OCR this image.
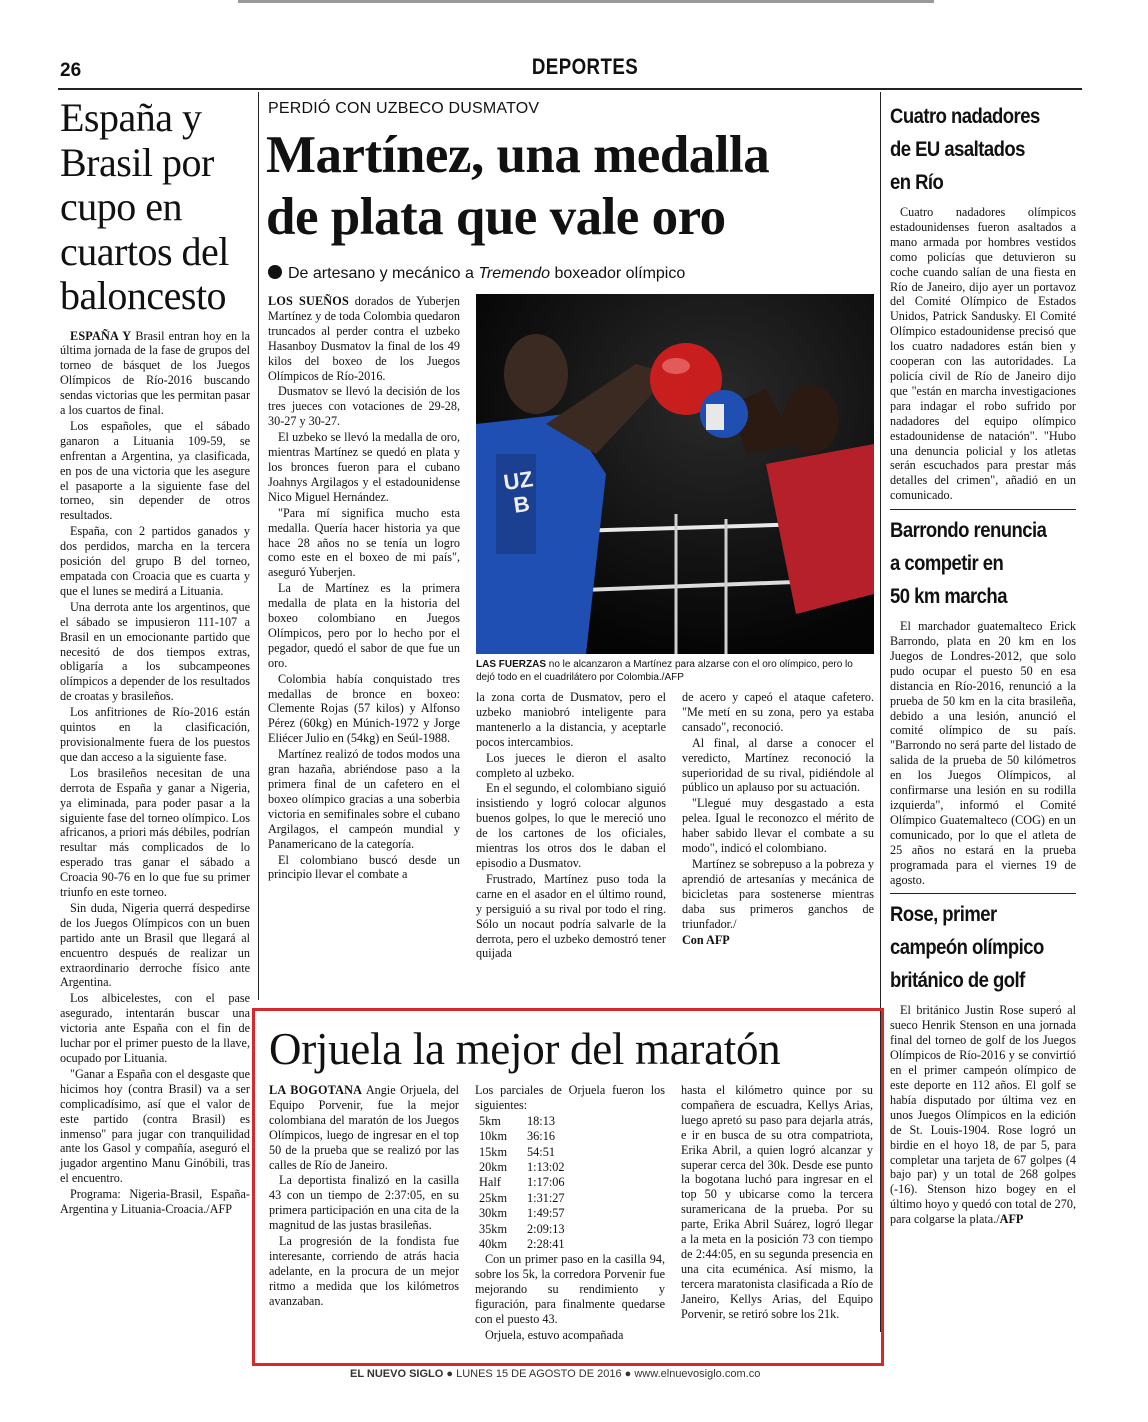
26	DEPORTES
España y Brasil por cupo en cuartos del baloncesto

ESPAÑA Y Brasil entran hoy en la última jornada de la fase de grupos del torneo de básquet de los Juegos Olímpicos de Río-2016 buscando sendas victorias que les permitan pasar a los cuartos de final.

Los españoles, que el sábado ganaron a Lituania 109-59, se enfrentan a Argentina, ya clasificada, en pos de una victoria que les asegure el pasaporte a la siguiente fase del torneo, sin depender de otros resultados.

España, con 2 partidos ganados y dos perdidos, marcha en la tercera posición del grupo B del torneo, empatada con Croacia que es cuarta y que el lunes se medirá a Lituania.

Una derrota ante los argentinos, que el sábado se impusieron 111-107 a Brasil en un emocionante partido que necesitó de dos tiempos extras, obligaría a los subcampeones olímpicos a depender de los resultados de croatas y brasileños.

Los anfitriones de Río-2016 están quintos en la clasificación, provisionalmente fuera de los puestos que dan acceso a la siguiente fase.

Los brasileños necesitan de una derrota de España y ganar a Nigeria, ya eliminada, para poder pasar a la siguiente fase del torneo olímpico. Los africanos, a priori más débiles, podrían resultar más complicados de lo esperado tras ganar el sábado a Croacia 90-76 en lo que fue su primer triunfo en este torneo.

Sin duda, Nigeria querrá despedirse de los Juegos Olímpicos con un buen partido ante un Brasil que llegará al encuentro después de realizar un extraordinario derroche físico ante Argentina.

Los albicelestes, con el pase asegurado, intentarán buscar una victoria ante España con el fin de luchar por el primer puesto de la llave, ocupado por Lituania.

"Ganar a España con el desgaste que hicimos hoy (contra Brasil) va a ser complicadísimo, así que el valor de este partido (contra Brasil) es inmenso" para jugar con tranquilidad ante los Gasol y compañía, aseguró el jugador argentino Manu Ginóbili, tras el encuentro.

Programa: Nigeria-Brasil, España-Argentina y Lituania-Croacia./AFP

PERDIÓ CON UZBECO DUSMATOV
Martínez, una medalla
de plata que vale oro
De artesano y mecánico a Tremendo boxeador olímpico

LOS SUEÑOS dorados de Yuberjen Martínez y de toda Colombia quedaron truncados al perder contra el uzbeko Hasanboy Dusmatov la final de los 49 kilos del boxeo de los Juegos Olímpicos de Río-2016.

Dusmatov se llevó la decisión de los tres jueces con votaciones de 29-28, 30-27 y 30-27.

El uzbeko se llevó la medalla de oro, mientras Martínez se quedó en plata y los bronces fueron para el cubano Joahnys Argilagos y el estadounidense Nico Miguel Hernández.

"Para mí significa mucho esta medalla. Quería hacer historia ya que hace 28 años no se tenía un logro como este en el boxeo de mi país", aseguró Yuberjen.

La de Martínez es la primera medalla de plata en la historia del boxeo colombiano en Juegos Olímpicos, pero por lo hecho por el pegador, quedó el sabor de que fue un oro.

Colombia había conquistado tres medallas de bronce en boxeo: Clemente Rojas (57 kilos) y Alfonso Pérez (60kg) en Múnich-1972 y Jorge Eliécer Julio en (54kg) en Seúl-1988.

Martínez realizó de todos modos una gran hazaña, abriéndose paso a la primera final de un cafetero en el boxeo olímpico gracias a una soberbia victoria en semifinales sobre el cubano Argilagos, el campeón mundial y Panamericano de la categoría.

El colombiano buscó desde un principio llevar el combate a

UZB
LAS FUERZAS no le alcanzaron a Martínez para alzarse con el oro olímpico, pero lo dejó todo en el cuadrilátero por Colombia./AFP

la zona corta de Dusmatov, pero el uzbeko maniobró inteligente para mantenerlo a la distancia, y aceptarle pocos intercambios.

Los jueces le dieron el asalto completo al uzbeko.

En el segundo, el colombiano siguió insistiendo y logró colocar algunos buenos golpes, lo que le mereció uno de los cartones de los oficiales, mientras los otros dos le daban el episodio a Dusmatov.

Frustrado, Martínez puso toda la carne en el asador en el último round, y persiguió a su rival por todo el ring. Sólo un nocaut podría salvarle de la derrota, pero el uzbeko demostró tener quijada

de acero y capeó el ataque cafetero. "Me metí en su zona, pero ya estaba cansado", reconoció.

Al final, al darse a conocer el veredicto, Martínez reconoció la superioridad de su rival, pidiéndole al público un aplauso por su actuación.

"Llegué muy desgastado a esta pelea. Igual le reconozco el mérito de haber sabido llevar el combate a su modo", indicó el colombiano.

Martínez se sobrepuso a la pobreza y aprendió de artesanías y mecánica de bicicletas para sostenerse mientras daba sus primeros ganchos de triunfador./

Con AFP

Cuatro nadadores
de EU asaltados
en Río

Cuatro nadadores olímpicos estadounidenses fueron asaltados a mano armada por hombres vestidos como policías que detuvieron su coche cuando salían de una fiesta en Río de Janeiro, dijo ayer un portavoz del Comité Olímpico de Estados Unidos, Patrick Sandusky. El Comité Olímpico estadounidense precisó que los cuatro nadadores están bien y cooperan con las autoridades. La policía civil de Río de Janeiro dijo que "están en marcha investigaciones para indagar el robo sufrido por nadadores del equipo olímpico estadounidense de natación". "Hubo una denuncia policial y los atletas serán escuchados para prestar más detalles del crimen", añadió en un comunicado.

Barrondo renuncia
a competir en
50 km marcha

El marchador guatemalteco Erick Barrondo, plata en 20 km en los Juegos de Londres-2012, que solo pudo ocupar el puesto 50 en esa distancia en Río-2016, renunció a la prueba de 50 km en la cita brasileña, debido a una lesión, anunció el comité olímpico de su país. "Barrondo no será parte del listado de salida de la prueba de 50 kilómetros en los Juegos Olímpicos, al confirmarse una lesión en su rodilla izquierda", informó el Comité Olímpico Guatemalteco (COG) en un comunicado, por lo que el atleta de 25 años no estará en la prueba programada para el viernes 19 de agosto.

Rose, primer
campeón olímpico
británico de golf

El británico Justin Rose superó al sueco Henrik Stenson en una jornada final del torneo de golf de los Juegos Olímpicos de Río-2016 y se convirtió en el primer campeón olímpico de este deporte en 112 años. El golf se había disputado por última vez en unos Juegos Olímpicos en la edición de St. Louis-1904. Rose logró un birdie en el hoyo 18, de par 5, para completar una tarjeta de 67 golpes (4 bajo par) y un total de 268 golpes (-16). Stenson hizo bogey en el último hoyo y quedó con total de 270, para colgarse la plata./AFP

Orjuela la mejor del maratón

LA BOGOTANA Angie Orjuela, del Equipo Porvenir, fue la mejor colombiana del maratón de los Juegos Olímpicos, luego de ingresar en el top 50 de la prueba que se realizó por las calles de Río de Janeiro.

La deportista finalizó en la casilla 43 con un tiempo de 2:37:05, en su primera participación en una cita de la magnitud de las justas brasileñas.

La progresión de la fondista fue interesante, corriendo de atrás hacia adelante, en la procura de un mejor ritmo a medida que los kilómetros avanzaban.

Los parciales de Orjuela fueron los siguientes:

5km 18:13
10km 36:16
15km 54:51
20km 1:13:02
Half 1:17:06
25km 1:31:27
30km 1:49:57
35km 2:09:13
40km 2:28:41

Con un primer paso en la casilla 94, sobre los 5k, la corredora Porvenir fue mejorando su rendimiento y figuración, para finalmente quedarse con el puesto 43.

Orjuela, estuvo acompañada

hasta el kilómetro quince por su compañera de escuadra, Kellys Arias, luego apretó su paso para dejarla atrás, e ir en busca de su otra compatriota, Erika Abril, a quien logró alcanzar y superar cerca del 30k. Desde ese punto la bogotana luchó para ingresar en el top 50 y ubicarse como la tercera suramericana de la prueba. Por su parte, Erika Abril Suárez, logró llegar a la meta en la posición 73 con tiempo de 2:44:05, en su segunda presencia en una cita ecuménica. Así mismo, la tercera maratonista clasificada a Río de Janeiro, Kellys Arias, del Equipo Porvenir, se retiró sobre los 21k.

EL NUEVO SIGLO ● LUNES 15 DE AGOSTO DE 2016 ● www.elnuevosiglo.com.co
